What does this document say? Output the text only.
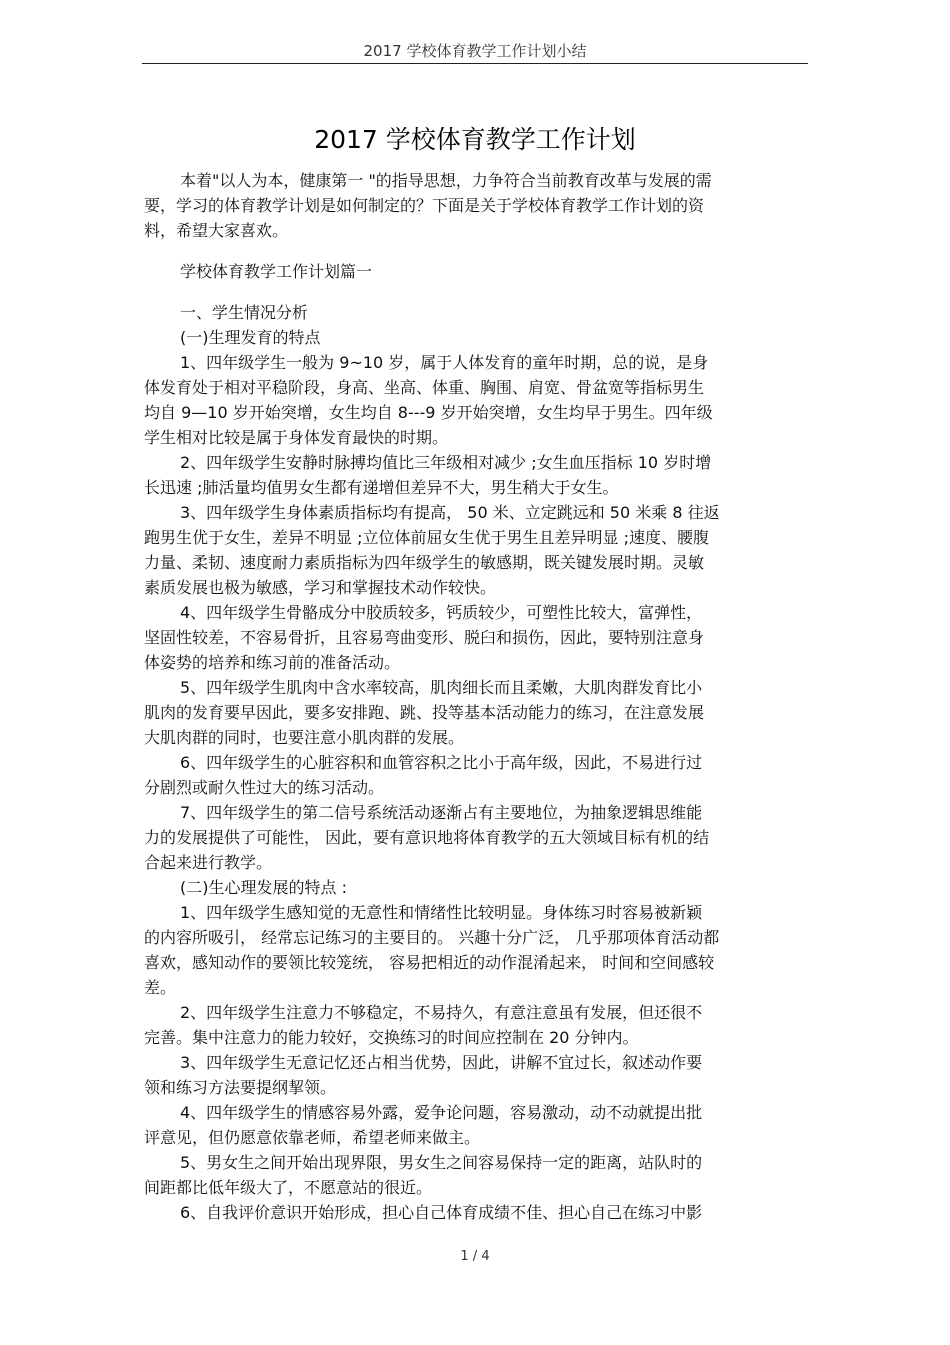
2017 学校体育教学工作计划小结
2017 学校体育教学工作计划
本着"以人为本，健康第一 "的指导思想，力争符合当前教育改革与发展的需
要，学习的体育教学计划是如何制定的？下面是关于学校体育教学工作计划的资
料，希望大家喜欢。
学校体育教学工作计划篇一
一、学生情况分析
(一)生理发育的特点
1、四年级学生一般为 9~10 岁，属于人体发育的童年时期，总的说，是身
体发育处于相对平稳阶段，身高、坐高、体重、胸围、肩宽、骨盆宽等指标男生
均自 9—10 岁开始突增，女生均自 8---9 岁开始突增，女生均早于男生。四年级
学生相对比较是属于身体发育最快的时期。
2、四年级学生安静时脉搏均值比三年级相对减少 ;女生血压指标 10 岁时增
长迅速 ;肺活量均值男女生都有递增但差异不大，男生稍大于女生。
3、四年级学生身体素质指标均有提高， 50 米、立定跳远和 50 米乘 8 往返
跑男生优于女生，差异不明显 ;立位体前屈女生优于男生且差异明显 ;速度、腰腹
力量、柔韧、速度耐力素质指标为四年级学生的敏感期，既关键发展时期。灵敏
素质发展也极为敏感，学习和掌握技术动作较快。
4、四年级学生骨骼成分中胶质较多，钙质较少，可塑性比较大，富弹性，
坚固性较差，不容易骨折，且容易弯曲变形、脱臼和损伤，因此，要特别注意身
体姿势的培养和练习前的准备活动。
5、四年级学生肌肉中含水率较高，肌肉细长而且柔嫩，大肌肉群发育比小
肌肉的发育要早因此，要多安排跑、跳、投等基本活动能力的练习，在注意发展
大肌肉群的同时，也要注意小肌肉群的发展。
6、四年级学生的心脏容积和血管容积之比小于高年级，因此，不易进行过
分剧烈或耐久性过大的练习活动。
7、四年级学生的第二信号系统活动逐渐占有主要地位，为抽象逻辑思维能
力的发展提供了可能性， 因此，要有意识地将体育教学的五大领域目标有机的结
合起来进行教学。
(二)生心理发展的特点 :
1、四年级学生感知觉的无意性和情绪性比较明显。身体练习时容易被新颖
的内容所吸引， 经常忘记练习的主要目的。 兴趣十分广泛， 几乎那项体育活动都
喜欢，感知动作的要领比较笼统， 容易把相近的动作混淆起来， 时间和空间感较
差。
2、四年级学生注意力不够稳定，不易持久，有意注意虽有发展，但还很不
完善。集中注意力的能力较好，交换练习的时间应控制在 20 分钟内。
3、四年级学生无意记忆还占相当优势，因此，讲解不宜过长，叙述动作要
领和练习方法要提纲挈领。
4、四年级学生的情感容易外露，爱争论问题，容易激动，动不动就提出批
评意见，但仍愿意依靠老师，希望老师来做主。
5、男女生之间开始出现界限，男女生之间容易保持一定的距离，站队时的
间距都比低年级大了，不愿意站的很近。
6、自我评价意识开始形成，担心自己体育成绩不佳、担心自己在练习中影
1 / 4
